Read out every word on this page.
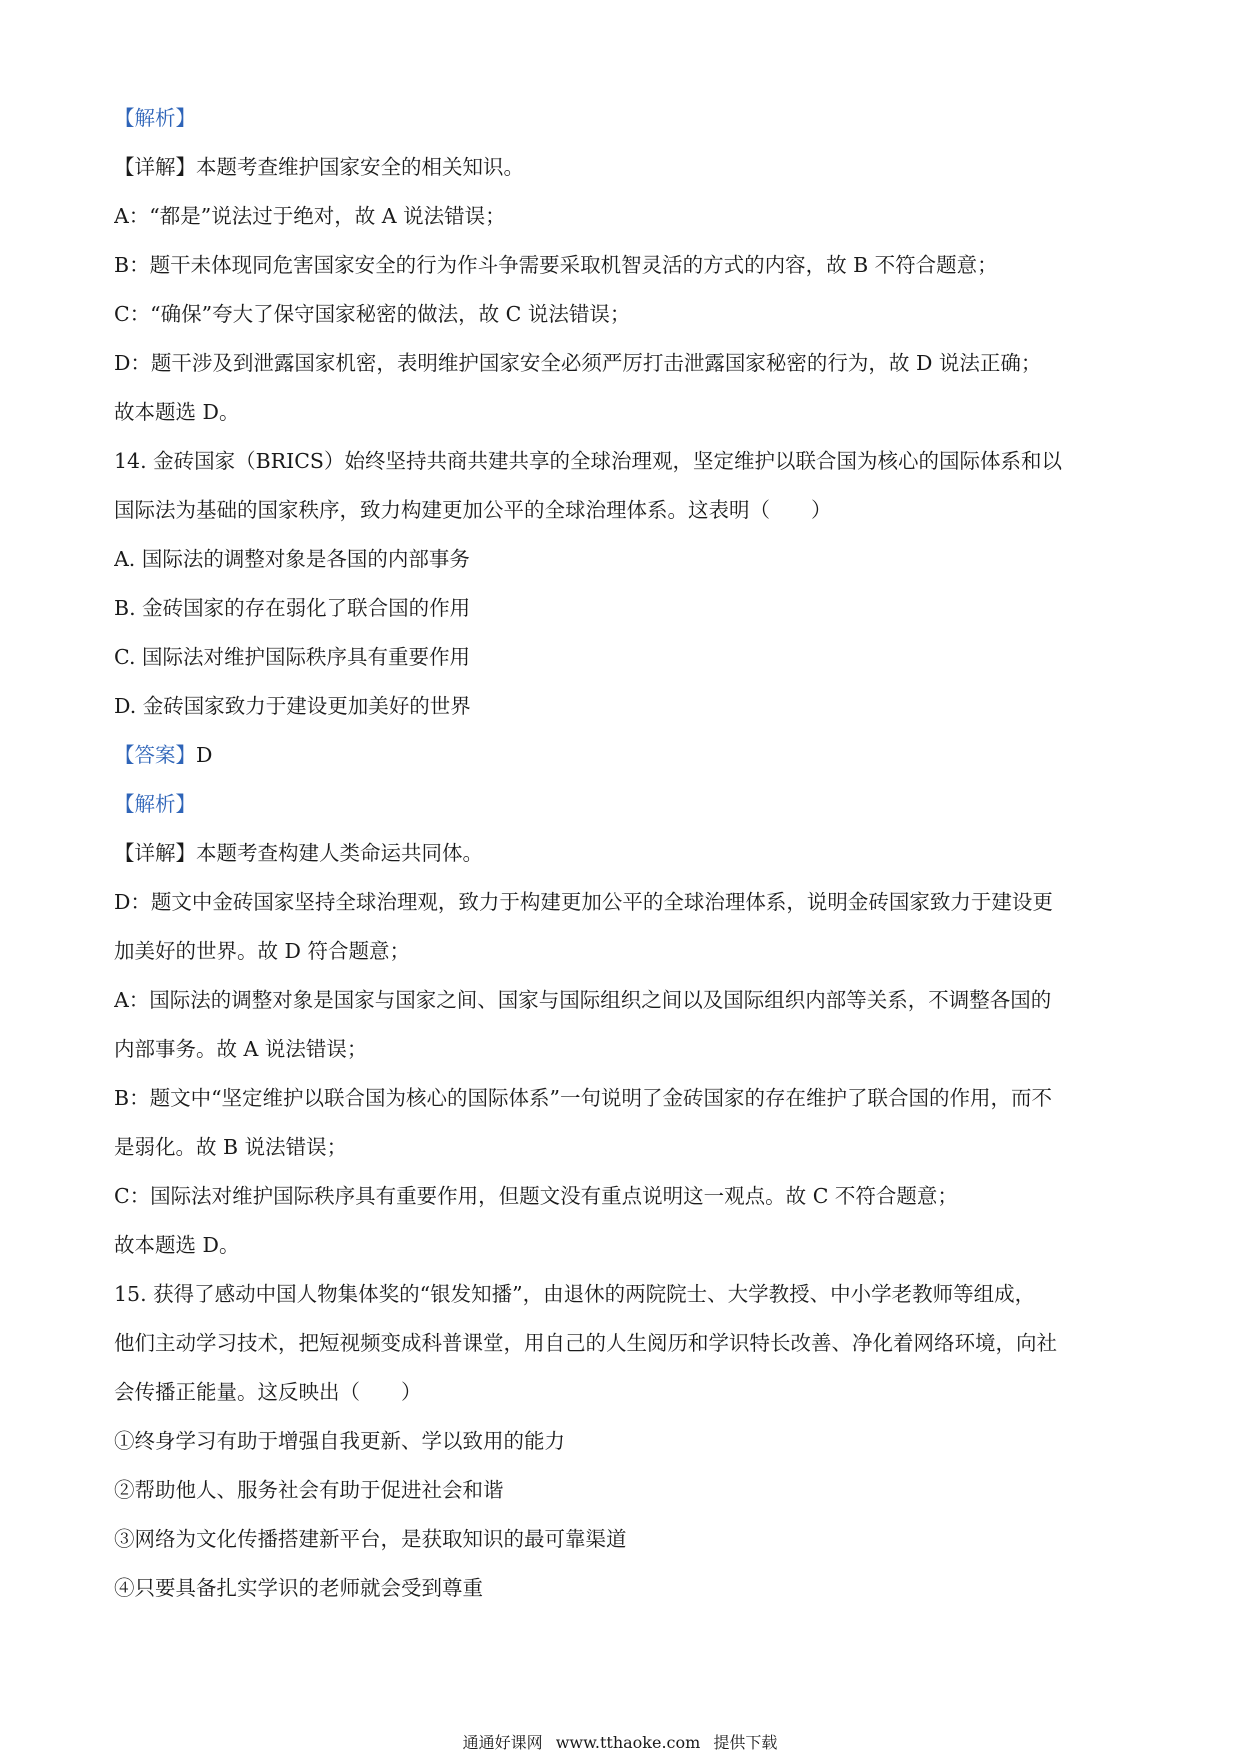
【解析】
【详解】本题考查维护国家安全的相关知识。
A：“都是”说法过于绝对，故 A 说法错误；
B：题干未体现同危害国家安全的行为作斗争需要采取机智灵活的方式的内容，故 B 不符合题意；
C：“确保”夸大了保守国家秘密的做法，故 C 说法错误；
D：题干涉及到泄露国家机密，表明维护国家安全必须严厉打击泄露国家秘密的行为，故 D 说法正确；
故本题选 D。
14. 金砖国家（BRICS）始终坚持共商共建共享的全球治理观，坚定维护以联合国为核心的国际体系和以
国际法为基础的国家秩序，致力构建更加公平的全球治理体系。这表明（　　）
A. 国际法的调整对象是各国的内部事务
B. 金砖国家的存在弱化了联合国的作用
C. 国际法对维护国际秩序具有重要作用
D. 金砖国家致力于建设更加美好的世界
【答案】D
【解析】
【详解】本题考查构建人类命运共同体。
D：题文中金砖国家坚持全球治理观，致力于构建更加公平的全球治理体系，说明金砖国家致力于建设更
加美好的世界。故 D 符合题意；
A：国际法的调整对象是国家与国家之间、国家与国际组织之间以及国际组织内部等关系，不调整各国的
内部事务。故 A 说法错误；
B：题文中“坚定维护以联合国为核心的国际体系”一句说明了金砖国家的存在维护了联合国的作用，而不
是弱化。故 B 说法错误；
C：国际法对维护国际秩序具有重要作用，但题文没有重点说明这一观点。故 C 不符合题意；
故本题选 D。
15. 获得了感动中国人物集体奖的“银发知播”，由退休的两院院士、大学教授、中小学老教师等组成，
他们主动学习技术，把短视频变成科普课堂，用自己的人生阅历和学识特长改善、净化着网络环境，向社
会传播正能量。这反映出（　　）
①终身学习有助于增强自我更新、学以致用的能力
②帮助他人、服务社会有助于促进社会和谐
③网络为文化传播搭建新平台，是获取知识的最可靠渠道
④只要具备扎实学识的老师就会受到尊重
通通好课网 www.tthaoke.com 提供下载
